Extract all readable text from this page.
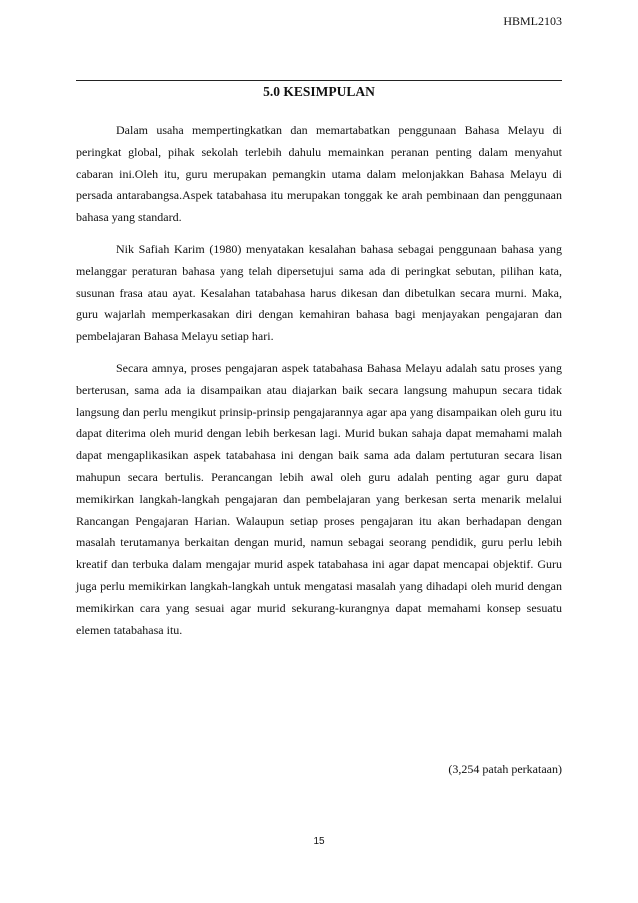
HBML2103
5.0 KESIMPULAN

Dalam usaha mempertingkatkan dan memartabatkan penggunaan Bahasa Melayu di peringkat global, pihak sekolah terlebih dahulu memainkan peranan penting dalam menyahut cabaran ini.Oleh itu, guru merupakan pemangkin utama dalam melonjakkan Bahasa Melayu di persada antarabangsa.Aspek tatabahasa itu merupakan tonggak ke arah pembinaan dan penggunaan bahasa yang standard.

Nik Safiah Karim (1980) menyatakan kesalahan bahasa sebagai penggunaan bahasa yang melanggar peraturan bahasa yang telah dipersetujui sama ada di peringkat sebutan, pilihan kata, susunan frasa atau ayat. Kesalahan tatabahasa harus dikesan dan dibetulkan secara murni. Maka, guru wajarlah memperkasakan diri dengan kemahiran bahasa bagi menjayakan pengajaran dan pembelajaran Bahasa Melayu setiap hari.

Secara amnya, proses pengajaran aspek tatabahasa Bahasa Melayu adalah satu proses yang berterusan, sama ada ia disampaikan atau diajarkan baik secara langsung mahupun secara tidak langsung dan perlu mengikut prinsip-prinsip pengajarannya agar apa yang disampaikan oleh guru itu dapat diterima oleh murid dengan lebih berkesan lagi. Murid bukan sahaja dapat memahami malah dapat mengaplikasikan aspek tatabahasa ini dengan baik sama ada dalam pertuturan secara lisan mahupun secara bertulis. Perancangan lebih awal oleh guru adalah penting agar guru dapat memikirkan langkah-langkah pengajaran dan pembelajaran yang berkesan serta menarik melalui Rancangan Pengajaran Harian. Walaupun setiap proses pengajaran itu akan berhadapan dengan masalah terutamanya berkaitan dengan murid, namun sebagai seorang pendidik, guru perlu lebih kreatif dan terbuka dalam mengajar murid aspek tatabahasa ini agar dapat mencapai objektif. Guru juga perlu memikirkan langkah-langkah untuk mengatasi masalah yang dihadapi oleh murid dengan memikirkan cara yang sesuai agar murid sekurang-kurangnya dapat memahami konsep sesuatu elemen tatabahasa itu.

(3,254 patah perkataan)
15
